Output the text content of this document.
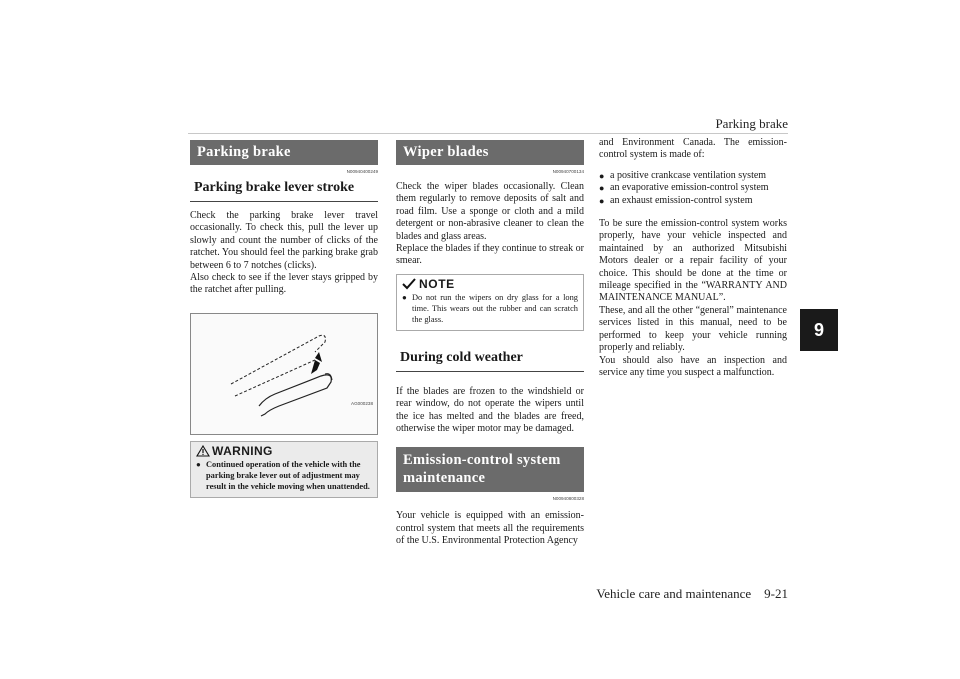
Parking brake
9
Parking brake
N00940400249
Parking brake lever stroke

Check the parking brake lever travel occasionally. To check this, pull the lever up slowly and count the number of clicks of the ratchet. You should feel the parking brake grab between 6 to 7 notches (clicks).
Also check to see if the lever stays gripped by the ratchet after pulling.

AG000238
WARNING
● Continued operation of the vehicle with the parking brake lever out of adjustment may result in the vehicle moving when unattended.
Wiper blades
N00940700134

Check the wiper blades occasionally. Clean them regularly to remove deposits of salt and road film. Use a sponge or cloth and a mild detergent or non-abrasive cleaner to clean the blades and glass areas.
Replace the blades if they continue to streak or smear.

NOTE
● Do not run the wipers on dry glass for a long time. This wears out the rubber and can scratch the glass.
During cold weather

If the blades are frozen to the windshield or rear window, do not operate the wipers until the ice has melted and the blades are freed, otherwise the wiper motor may be damaged.

Emission-control system
maintenance
N00940800328

Your vehicle is equipped with an emission-control system that meets all the requirements of the U.S. Environmental Protection Agency

and Environment Canada. The emission-control system is made of:

● a positive crankcase ventilation system
● an evaporative emission-control system
● an exhaust emission-control system

To be sure the emission-control system works properly, have your vehicle inspected and maintained by an authorized Mitsubishi Motors dealer or a repair facility of your choice. This should be done at the time or mileage specified in the “WARRANTY AND MAINTENANCE MANUAL”.
These, and all the other “general” maintenance services listed in this manual, need to be performed to keep your vehicle running properly and reliably.
You should also have an inspection and service any time you suspect a malfunction.

Vehicle care and maintenance    9-21
